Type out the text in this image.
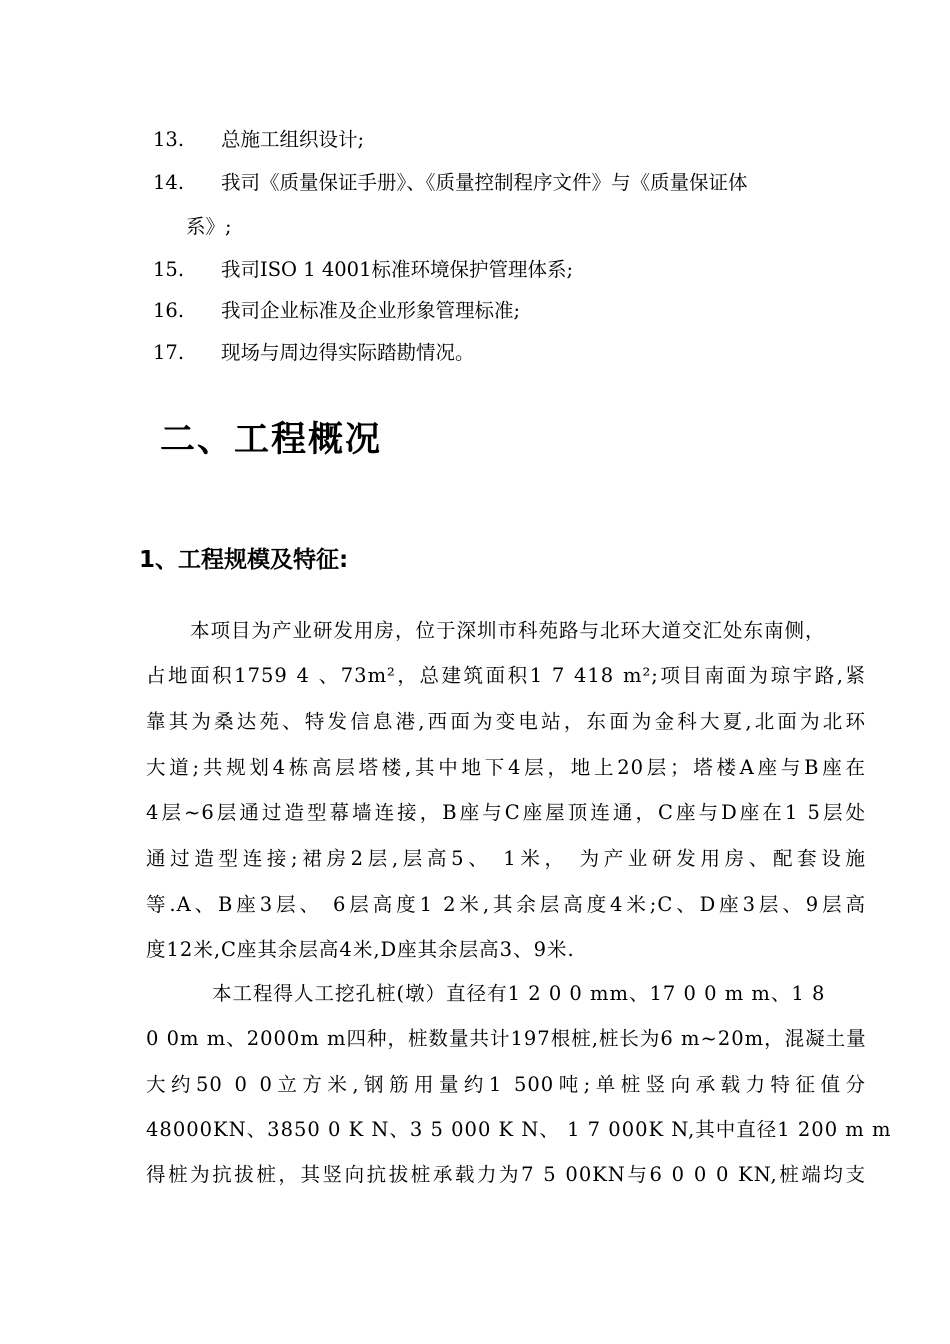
13. 总施工组织设计;
14. 我司《质量保证手册》、《质量控制程序文件》与《质量保证体
系》;
15. 我司ISO 1 4001标准环境保护管理体系;
16. 我司企业标准及企业形象管理标准;
17. 现场与周边得实际踏勘情况。
二、工程概况
1、工程规模及特征:
本项目为产业研发用房，位于深圳市科苑路与北环大道交汇处东南侧，
占地面积1759 4 、73m²，总建筑面积1 7 418 m²;项目南面为琼宇路,紧
靠其为桑达苑、特发信息港,西面为变电站，东面为金科大夏,北面为北环
大道;共规划4栋高层塔楼,其中地下4层，地上20层；塔楼A座与B座在
4层~6层通过造型幕墙连接，B座与C座屋顶连通，C座与D座在1 5层处
通过造型连接;裙房2层,层高5、 1米， 为产业研发用房、配套设施
等.A、B座3层、 6层高度1 2米,其余层高度4米;C、D座3层、9层高
度12米,C座其余层高4米,D座其余层高3、9米.
本工程得人工挖孔桩(墩）直径有1 2 0 0 mm、17 0 0 m m、1 8
0 0m m、2000m m四种，桩数量共计197根桩,桩长为6 m~20m，混凝土量
大约50 0 0立方米,钢筋用量约1 500吨;单桩竖向承载力特征值分
48000KN、3850 0 K N、3 5 000 K N、 1 7 000K N,其中直径1 200 m m
得桩为抗拔桩，其竖向抗拔桩承载力为7 5 00KN与6 0 0 0 KN,桩端均支
